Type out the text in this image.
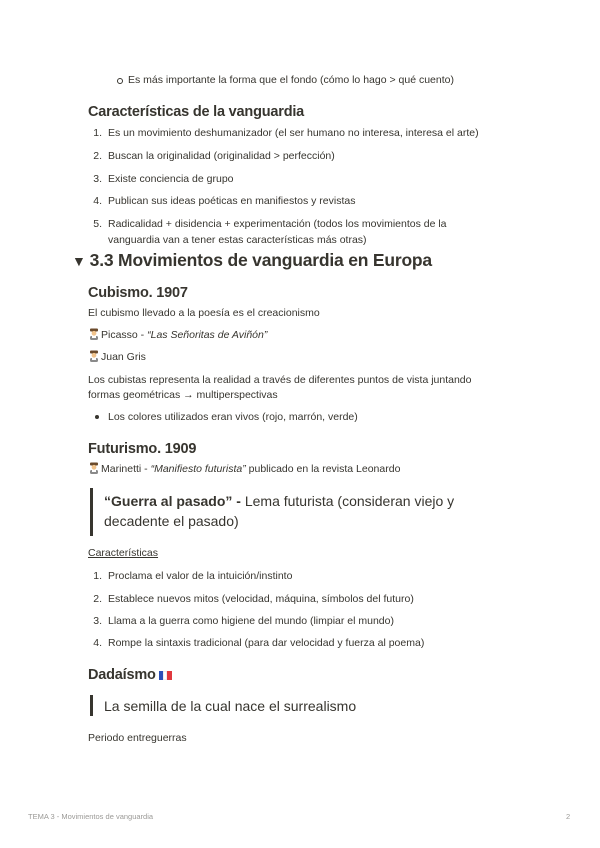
Es más importante la forma que el fondo (cómo lo hago > qué cuento)
Características de la vanguardia
1. Es un movimiento deshumanizador (el ser humano no interesa, interesa el arte)
2. Buscan la originalidad (originalidad > perfección)
3. Existe conciencia de grupo
4. Publican sus ideas poéticas en manifiestos y revistas
5. Radicalidad + disidencia + experimentación (todos los movimientos de la
vanguardia van a tener estas características más otras)
▼ 3.3 Movimientos de vanguardia en Europa
Cubismo. 1907
El cubismo llevado a la poesía es el creacionismo
Picasso - “Las Señoritas de Aviñón”
Juan Gris
Los cubistas representa la realidad a través de diferentes puntos de vista juntando
formas geométricas → multiperspectivas
Los colores utilizados eran vivos (rojo, marrón, verde)
Futurismo. 1909
Marinetti - “Manifiesto futurista” publicado en la revista Leonardo
“Guerra al pasado” - Lema futurista (consideran viejo y
decadente el pasado)
Características
1. Proclama el valor de la intuición/instinto
2. Establece nuevos mitos (velocidad, máquina, símbolos del futuro)
3. Llama a la guerra como higiene del mundo (limpiar el mundo)
4. Rompe la sintaxis tradicional (para dar velocidad y fuerza al poema)
Dadaísmo
La semilla de la cual nace el surrealismo
Periodo entreguerras
TEMA 3 - Movimientos de vanguardia	2
